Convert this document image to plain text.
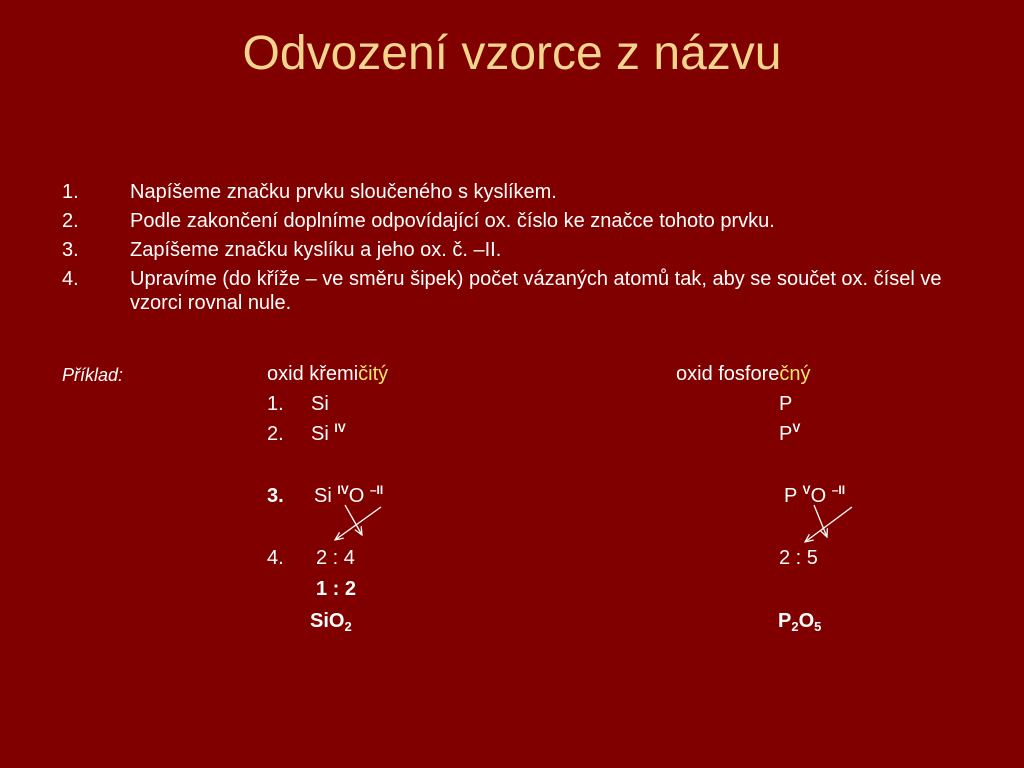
Odvození vzorce z názvu
1.	Napíšeme značku prvku sloučeného s kyslíkem.
2.	Podle zakončení doplníme odpovídající ox. číslo ke značce tohoto prvku.
3.	Zapíšeme značku kyslíku a jeho ox. č. –II.
4.	Upravíme (do kříže – ve směru šipek) počet vázaných atomů tak, aby se součet ox. čísel ve vzorci rovnal nule.
Příklad:	oxid křemičitý
1. Si
2. Si $^{IV}$
3. Si $^{IV}$O $^{-II}$
4. 2 : 4
1 : 2
SiO$_2$
oxid fosforečný
P
$P^V$
P $^V$O $^{-II}$
2 : 5
$P_2O_5$
